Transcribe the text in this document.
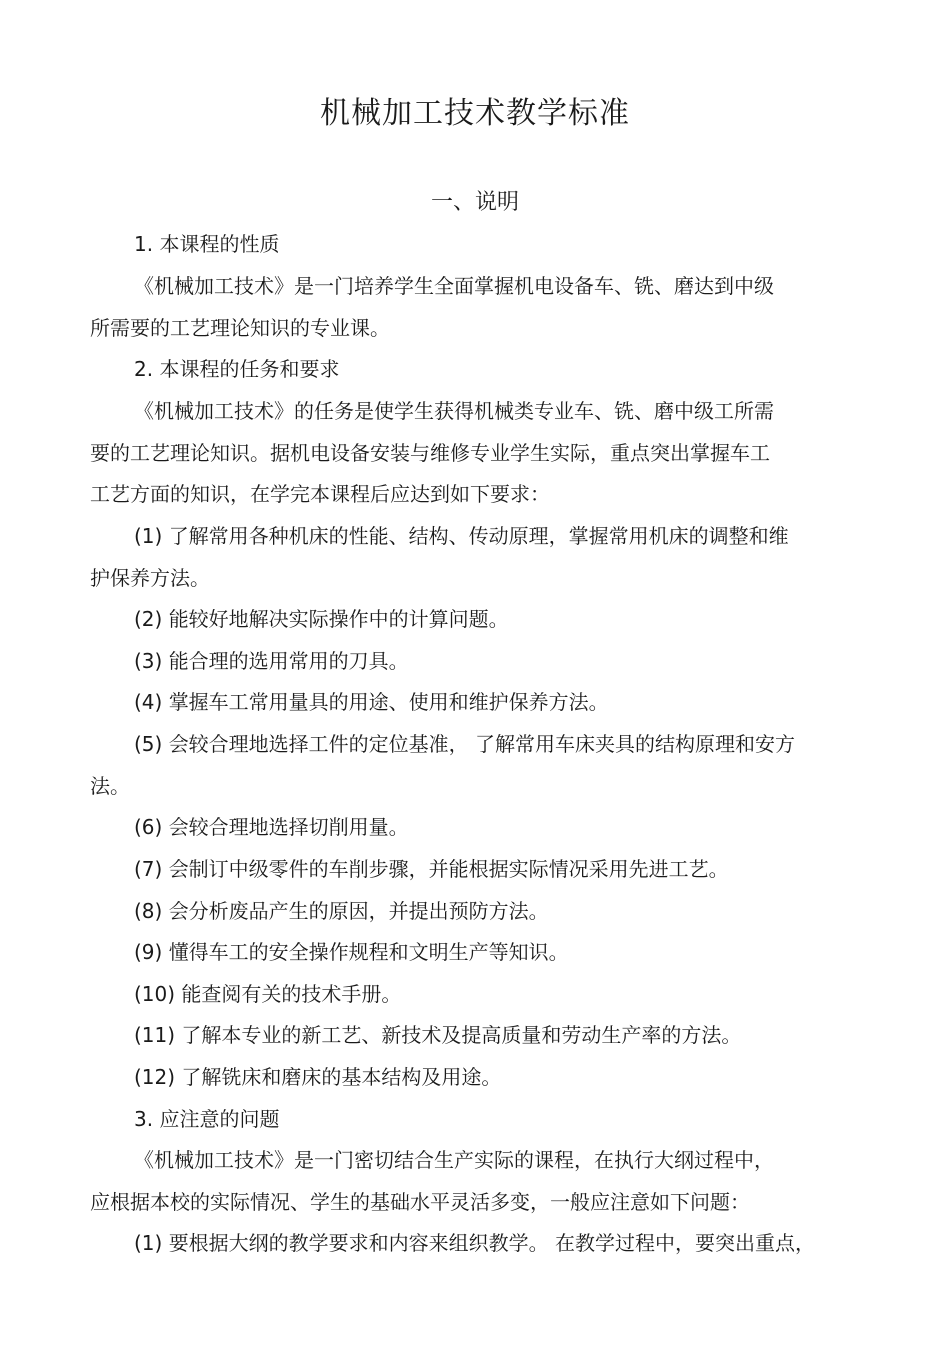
机械加工技术教学标准
一、说明
1. 本课程的性质
《机械加工技术》是一门培养学生全面掌握机电设备车、铣、磨达到中级
所需要的工艺理论知识的专业课。
2. 本课程的任务和要求
《机械加工技术》的任务是使学生获得机械类专业车、铣、磨中级工所需
要的工艺理论知识。据机电设备安装与维修专业学生实际，重点突出掌握车工
工艺方面的知识，在学完本课程后应达到如下要求：
(1) 了解常用各种机床的性能、结构、传动原理，掌握常用机床的调整和维
护保养方法。
(2) 能较好地解决实际操作中的计算问题。
(3) 能合理的选用常用的刀具。
(4) 掌握车工常用量具的用途、使用和维护保养方法。
(5) 会较合理地选择工件的定位基准， 了解常用车床夹具的结构原理和安方
法。
(6) 会较合理地选择切削用量。
(7) 会制订中级零件的车削步骤，并能根据实际情况采用先进工艺。
(8) 会分析废品产生的原因，并提出预防方法。
(9) 懂得车工的安全操作规程和文明生产等知识。
(10) 能查阅有关的技术手册。
(11) 了解本专业的新工艺、新技术及提高质量和劳动生产率的方法。
(12) 了解铣床和磨床的基本结构及用途。
3. 应注意的问题
《机械加工技术》是一门密切结合生产实际的课程，在执行大纲过程中，
应根据本校的实际情况、学生的基础水平灵活多变，一般应注意如下问题：
(1) 要根据大纲的教学要求和内容来组织教学。 在教学过程中，要突出重点，
